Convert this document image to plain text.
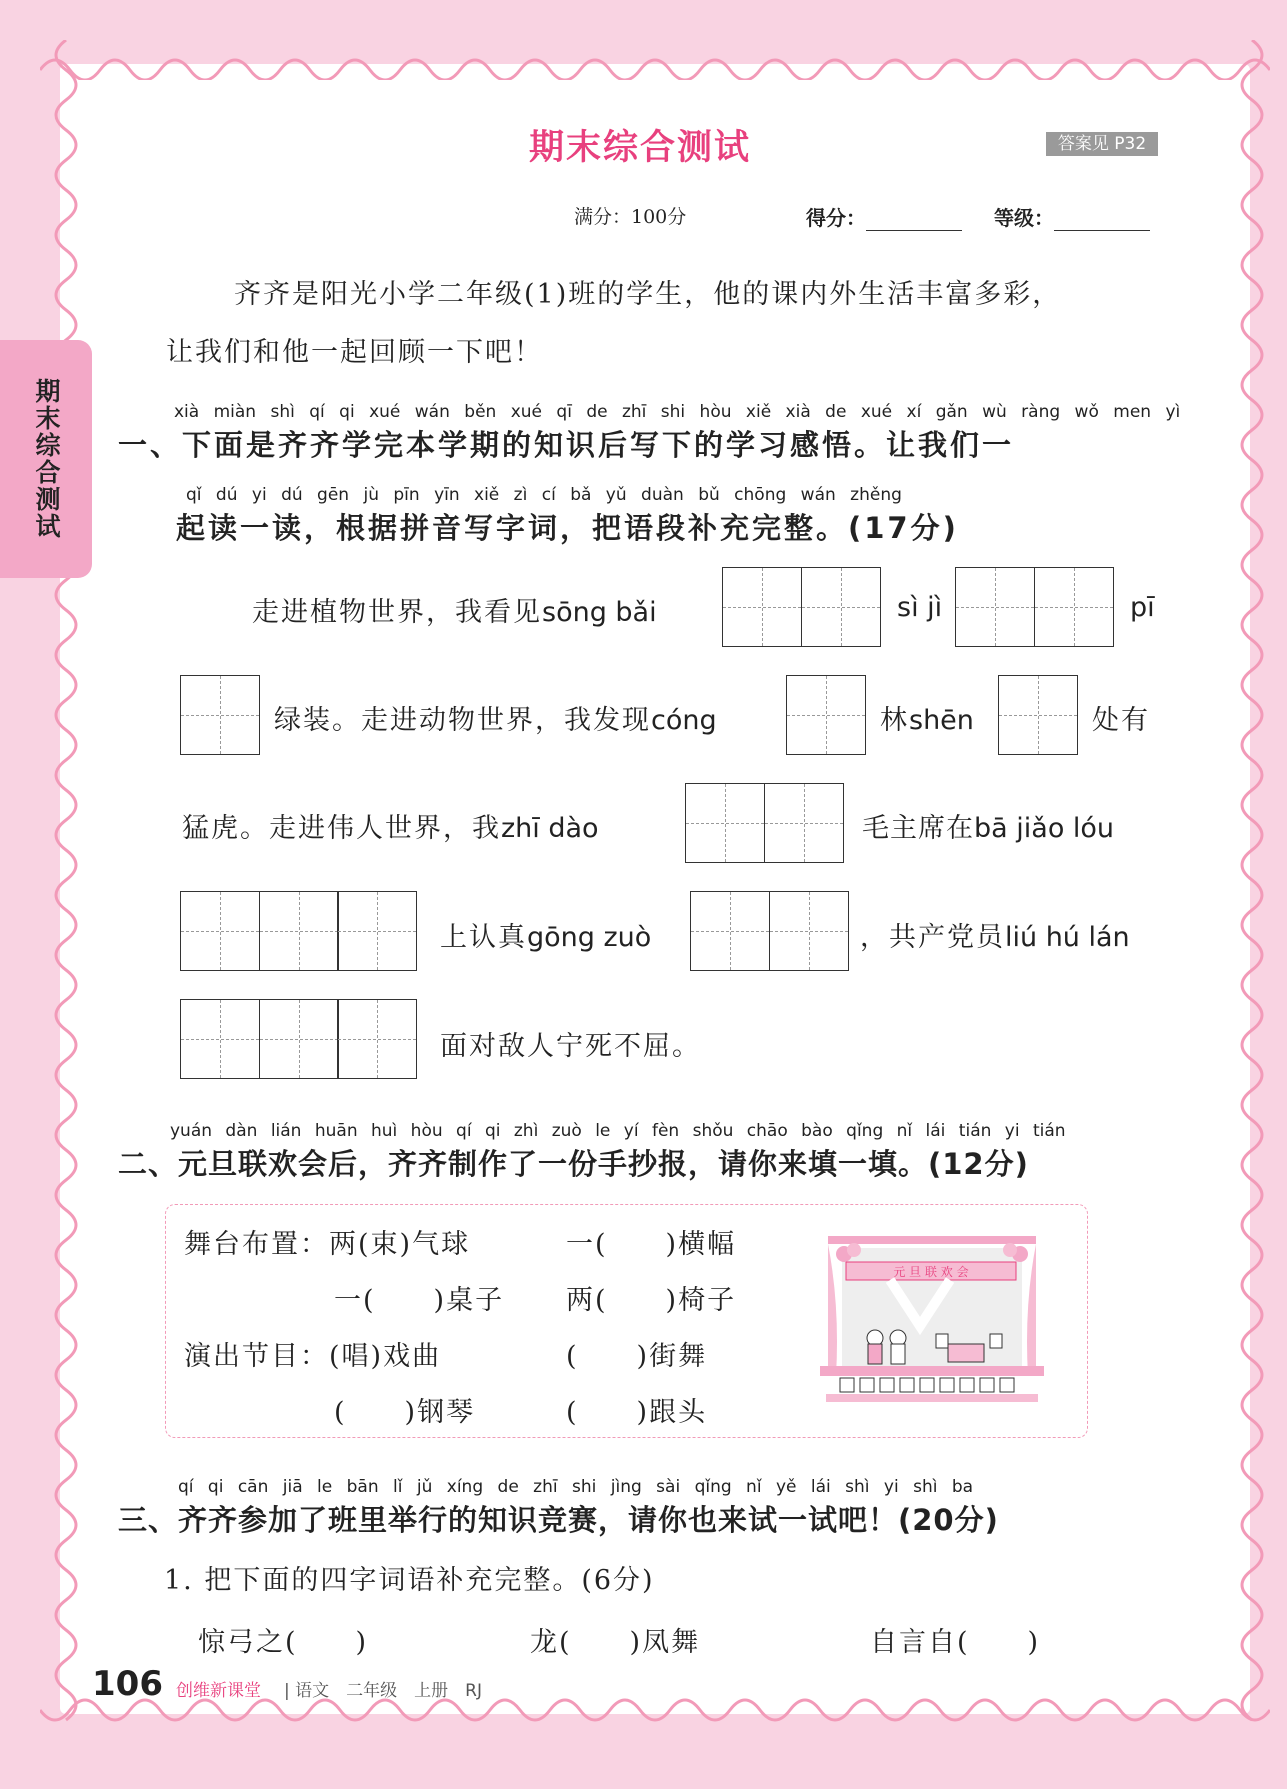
期末综合测试
期末综合测试	答案见 P32
满分：100分	得分：	等级：
齐齐是阳光小学二年级(1)班的学生，他的课内外生活丰富多彩，
让我们和他一起回顾一下吧！
xià miàn shì qí qi xué wán běn xué qī de zhī shi hòu xiě xià de xué xí gǎn wù ràng wǒ men yì
一、下面是齐齐学完本学期的知识后写下的学习感悟。让我们一
qǐ dú yi dú gēn jù pīn yīn xiě zì cí bǎ yǔ duàn bǔ chōng wán zhěng
起读一读，根据拼音写字词，把语段补充完整。(17分)
走进植物世界，我看见sōng bǎi	sì jì	pī
绿装。走进动物世界，我发现cóng	林shēn	处有
猛虎。走进伟人世界，我zhī dào	毛主席在bā jiǎo lóu
上认真gōng zuò	，共产党员liú hú lán
面对敌人宁死不屈。
yuán dàn lián huān huì hòu qí qi zhì zuò le yí fèn shǒu chāo bào qǐng nǐ lái tián yi tián
二、元旦联欢会后，齐齐制作了一份手抄报，请你来填一填。(12分)
舞台布置：两(束)气球	一(　　)横幅
一(　　)桌子 两(　　)椅子
演出节目：(唱)戏曲	(　　)街舞
(　　)钢琴	(　　)跟头
元 旦 联 欢 会
qí qi cān jiā le bān lǐ jǔ xíng de zhī shi jìng sài qǐng nǐ yě lái shì yi shì ba
三、齐齐参加了班里举行的知识竞赛，请你也来试一试吧！(20分)
1. 把下面的四字词语补充完整。(6分)
惊弓之(　　)	龙(　　)凤舞	自言自(　　)
106 创维新课堂 | 语文　二年级　上册　RJ
